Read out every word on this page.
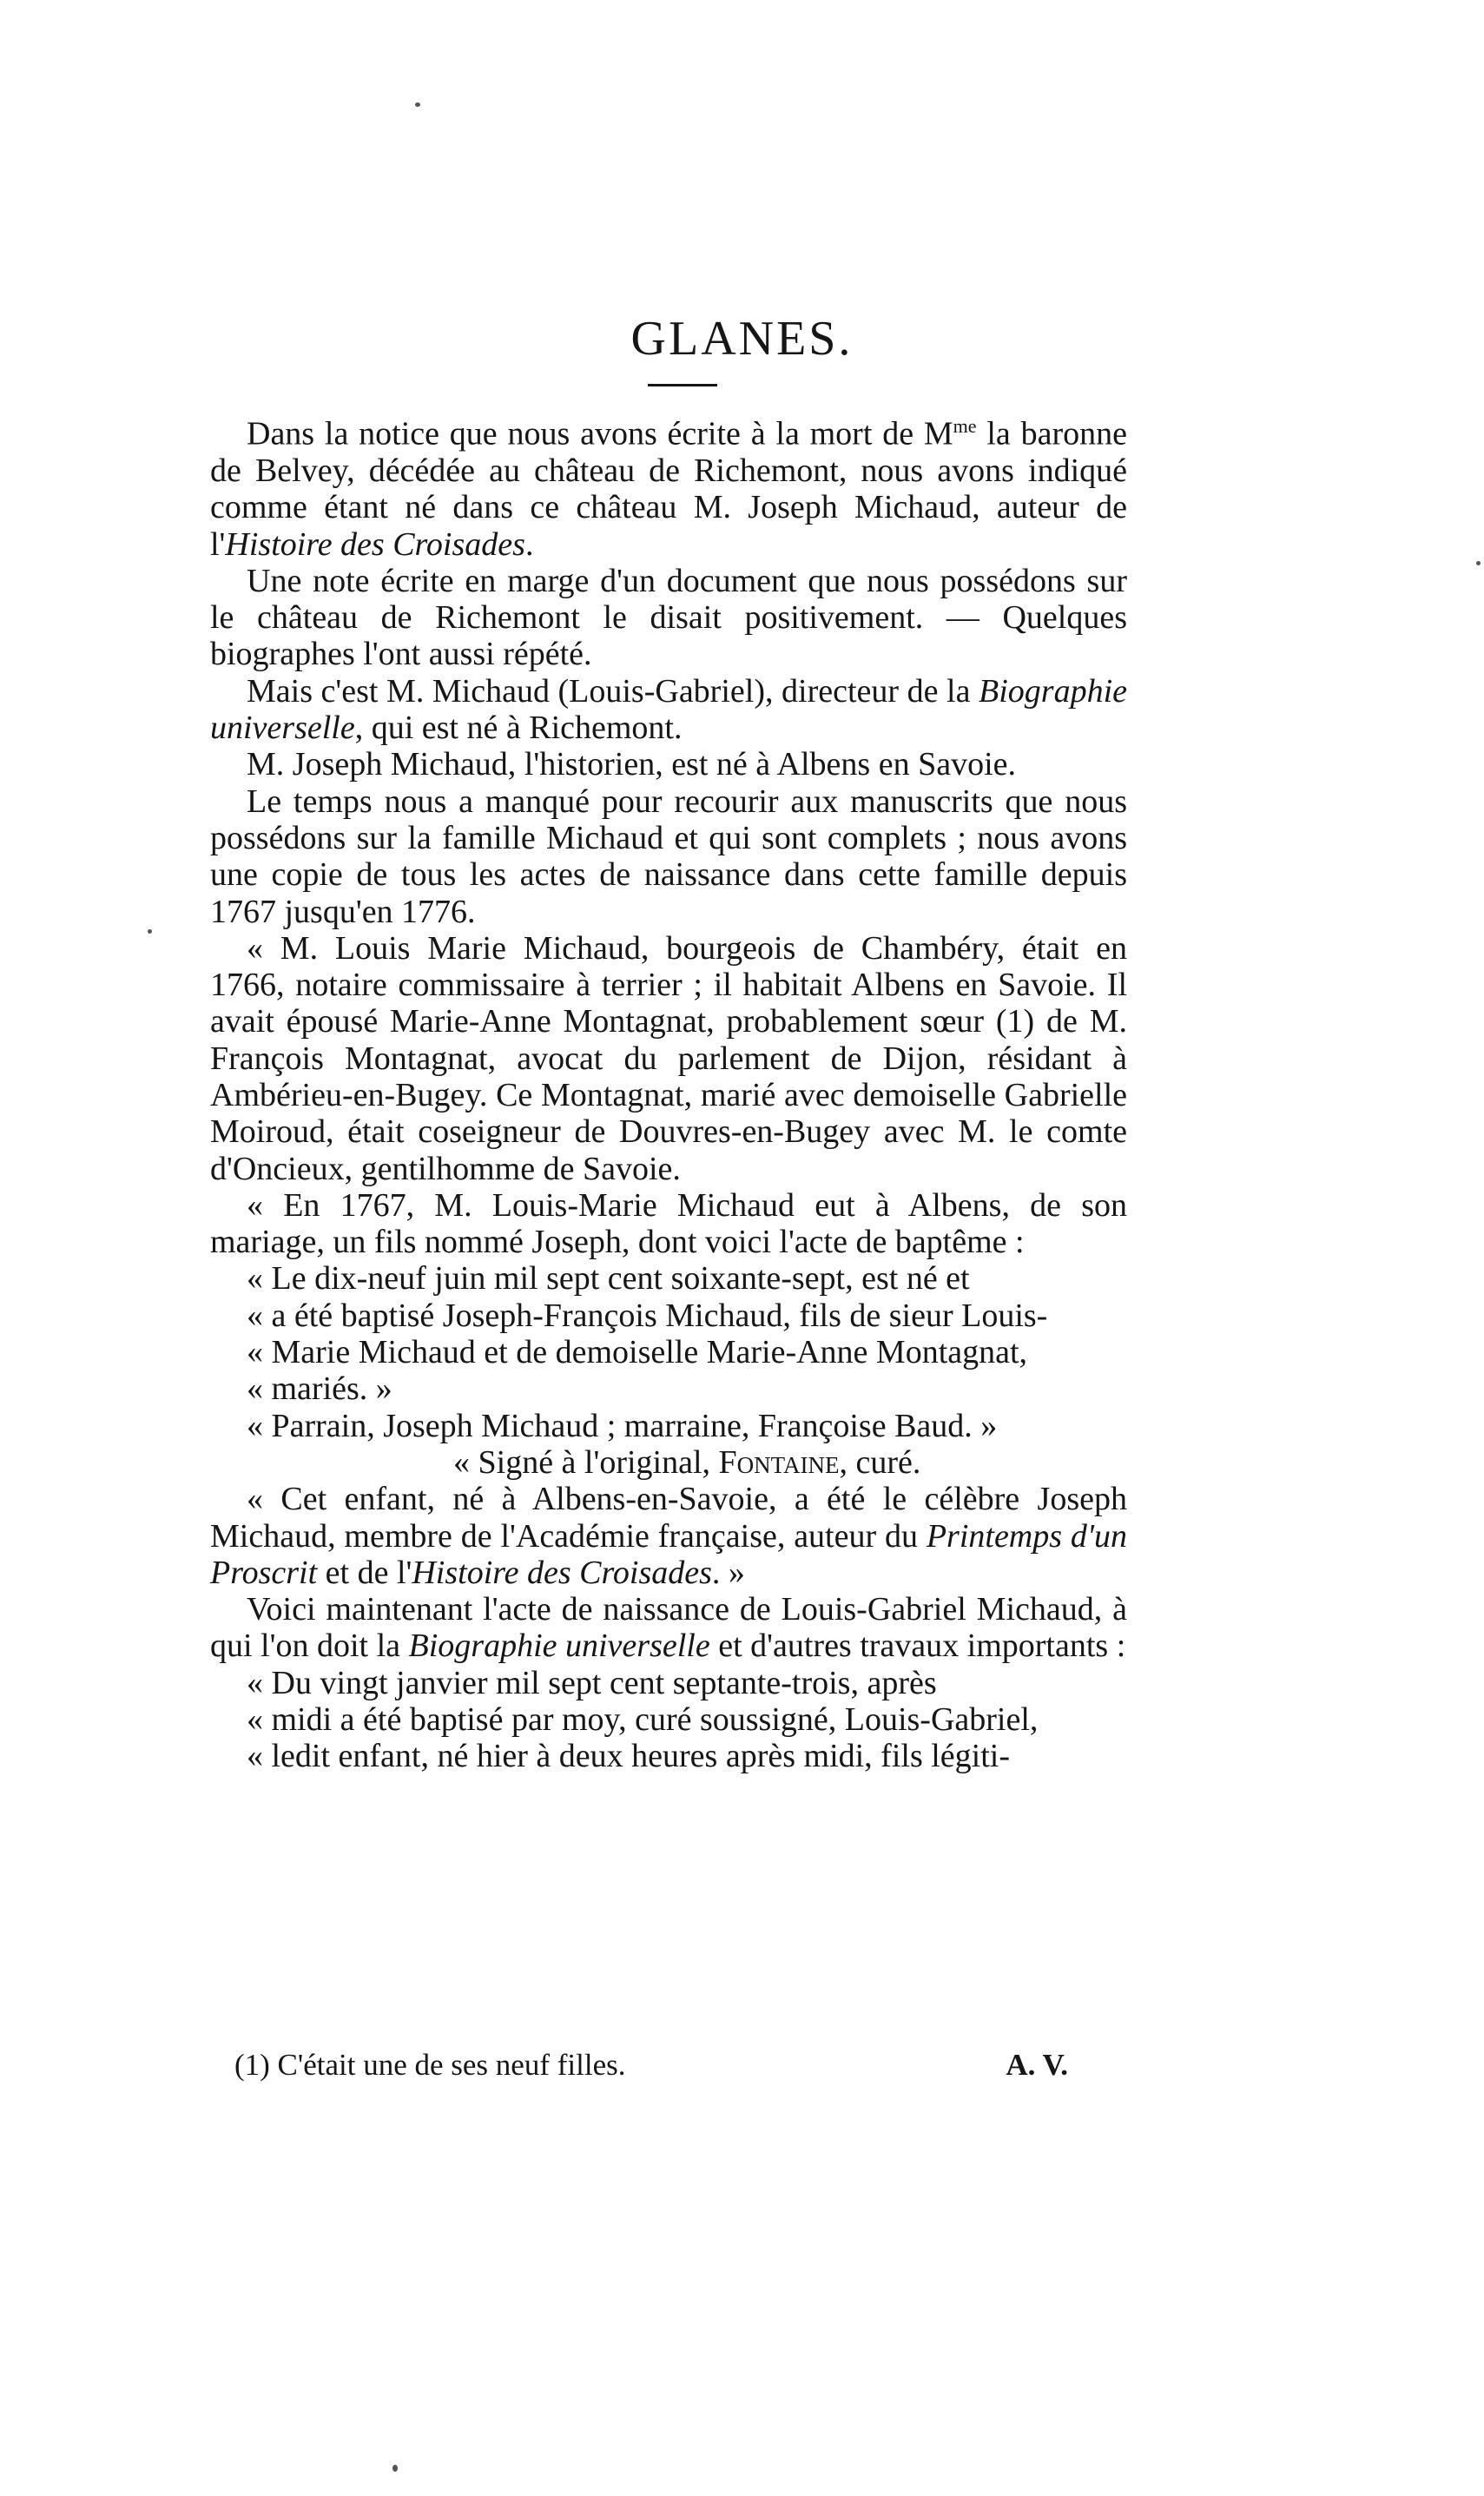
GLANES.

Dans la notice que nous avons écrite à la mort de $M^{me}$ la baronne de Belvey, décédée au château de Richemont, nous avons indiqué comme étant né dans ce château M. Joseph Michaud, auteur de l'Histoire des Croisades.

Une note écrite en marge d'un document que nous possédons sur le château de Richemont le disait positivement. — Quelques biographes l'ont aussi répété.

Mais c'est M. Michaud (Louis-Gabriel), directeur de la Biographie universelle, qui est né à Richemont.

M. Joseph Michaud, l'historien, est né à Albens en Savoie.

Le temps nous a manqué pour recourir aux manuscrits que nous possédons sur la famille Michaud et qui sont complets ; nous avons une copie de tous les actes de naissance dans cette famille depuis 1767 jusqu'en 1776.

« M. Louis Marie Michaud, bourgeois de Chambéry, était en 1766, notaire commissaire à terrier ; il habitait Albens en Savoie. Il avait épousé Marie-Anne Montagnat, probablement sœur (1) de M. François Montagnat, avocat du parlement de Dijon, résidant à Ambérieu-en-Bugey. Ce Montagnat, marié avec demoiselle Gabrielle Moiroud, était coseigneur de Douvres-en-Bugey avec M. le comte d'Oncieux, gentilhomme de Savoie.

« En 1767, M. Louis-Marie Michaud eut à Albens, de son mariage, un fils nommé Joseph, dont voici l'acte de baptême :

« Le dix-neuf juin mil sept cent soixante-sept, est né et
« a été baptisé Joseph-François Michaud, fils de sieur Louis-
« Marie Michaud et de demoiselle Marie-Anne Montagnat,
« mariés. »

« Parrain, Joseph Michaud ; marraine, Françoise Baud. »

« Signé à l'original, Fontaine, curé.

« Cet enfant, né à Albens-en-Savoie, a été le célèbre Joseph Michaud, membre de l'Académie française, auteur du Printemps d'un Proscrit et de l'Histoire des Croisades. »

Voici maintenant l'acte de naissance de Louis-Gabriel Michaud, à qui l'on doit la Biographie universelle et d'autres travaux importants :

« Du vingt janvier mil sept cent septante-trois, après
« midi a été baptisé par moy, curé soussigné, Louis-Gabriel,
« ledit enfant, né hier à deux heures après midi, fils légiti-

(1) C'était une de ses neuf filles.	A. V.
